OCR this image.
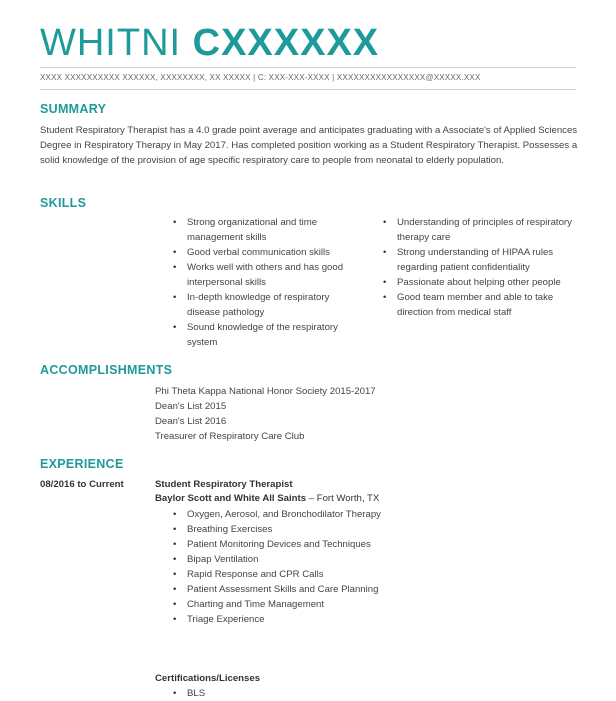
WHITNI CXXXXXX
XXXX XXXXXXXXXX XXXXXX, XXXXXXXX, XX XXXXX | C: XXX-XXX-XXXX | XXXXXXXXXXXXXXXX@XXXXX.XXX
SUMMARY
Student Respiratory Therapist has a 4.0 grade point average and anticipates graduating with a Associate's of Applied Sciences Degree in Respiratory Therapy in May 2017. Has completed position working as a Student Respiratory Therapist. Possesses a solid knowledge of the provision of age specific respiratory care to people from neonatal to elderly population.
SKILLS
• Strong organizational and time management skills
• Good verbal communication skills
• Works well with others and has good interpersonal skills
• In-depth knowledge of respiratory disease pathology
• Sound knowledge of the respiratory system
• Understanding of principles of respiratory therapy care
• Strong understanding of HIPAA rules regarding patient confidentiality
• Passionate about helping other people
• Good team member and able to take direction from medical staff
ACCOMPLISHMENTS
Phi Theta Kappa National Honor Society 2015-2017
Dean's List 2015
Dean's List 2016
Treasurer of Respiratory Care Club
EXPERIENCE
08/2016 to Current	Student Respiratory Therapist
Baylor Scott and White All Saints – Fort Worth, TX
• Oxygen, Aerosol, and Bronchodilator Therapy
• Breathing Exercises
• Patient Monitoring Devices and Techniques
• Bipap Ventilation
• Rapid Response and CPR Calls
• Patient Assessment Skills and Care Planning
• Charting and Time Management
• Triage Experience
Certifications/Licenses
• BLS
